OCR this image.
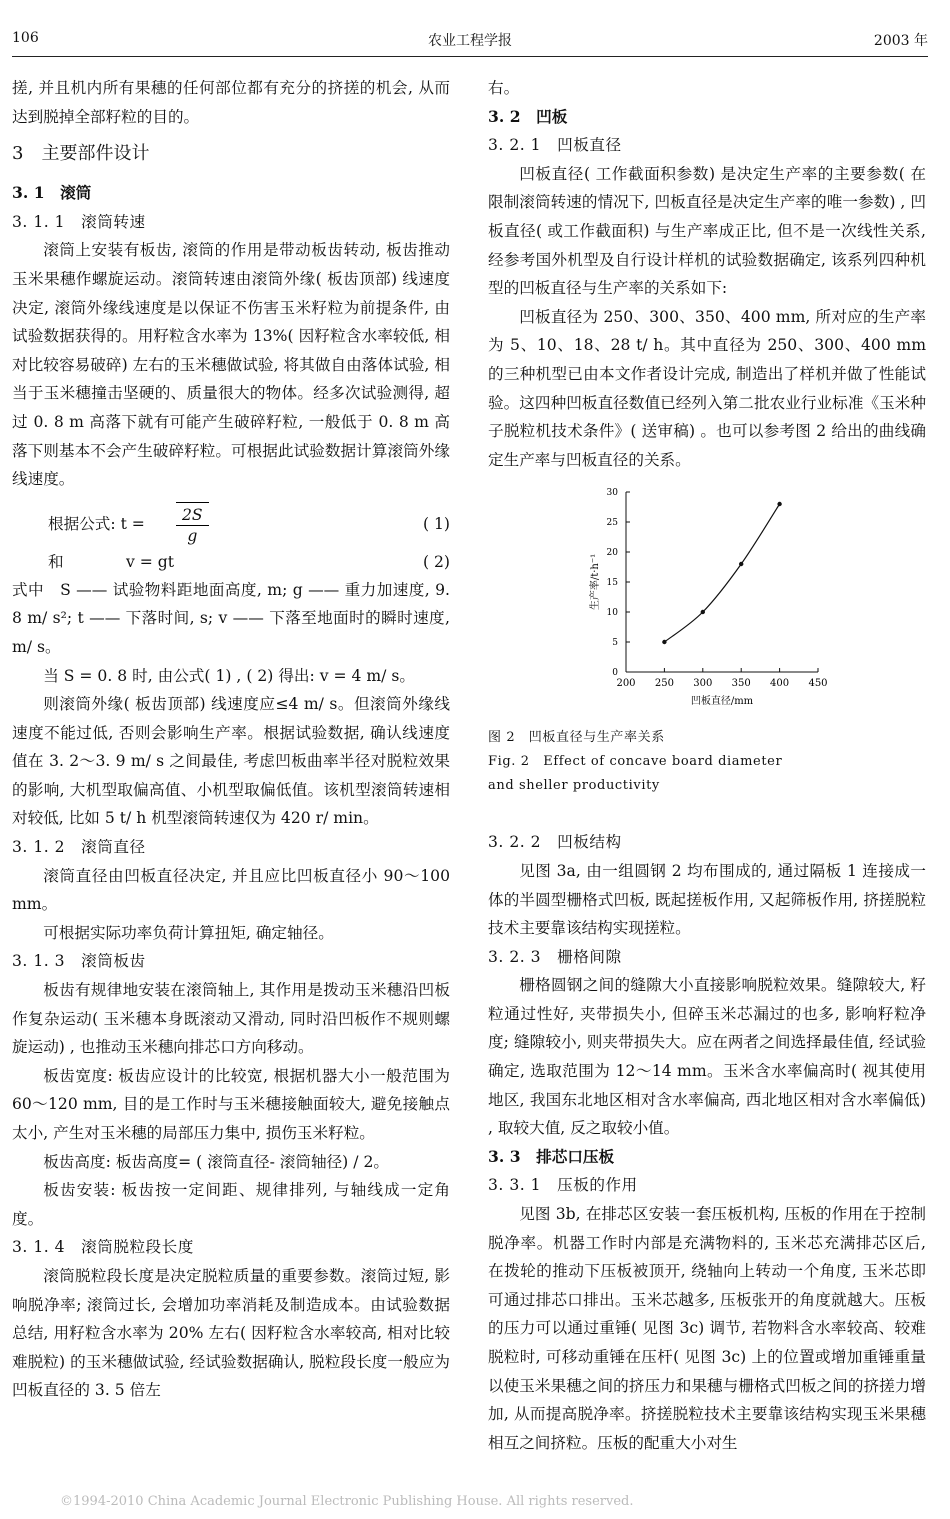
106	农业工程学报	2003 年

搓, 并且机内所有果穗的任何部位都有充分的挤搓的机会, 从而达到脱掉全部籽粒的目的。

3　主要部件设计

3. 1　滚筒

3. 1. 1　滚筒转速

滚筒上安装有板齿, 滚筒的作用是带动板齿转动, 板齿推动玉米果穗作螺旋运动。滚筒转速由滚筒外缘( 板齿顶部) 线速度决定, 滚筒外缘线速度是以保证不伤害玉米籽粒为前提条件, 由试验数据获得的。用籽粒含水率为 13%( 因籽粒含水率较低, 相对比较容易破碎) 左右的玉米穗做试验, 将其做自由落体试验, 相当于玉米穗撞击坚硬的、质量很大的物体。经多次试验测得, 超过 0. 8 m 高落下就有可能产生破碎籽粒, 一般低于 0. 8 m 高落下则基本不会产生破碎籽粒。可根据此试验数据计算滚筒外缘线速度。

根据公式: t =	2S
g
( 1)
和　　　　v = gt	( 2)

式中　S —— 试验物料距地面高度, m; g —— 重力加速度, 9. 8 m/ s²; t —— 下落时间, s; v —— 下落至地面时的瞬时速度, m/ s。

当 S = 0. 8 时, 由公式( 1) , ( 2) 得出: v = 4 m/ s。

则滚筒外缘( 板齿顶部) 线速度应≤4 m/ s。但滚筒外缘线速度不能过低, 否则会影响生产率。根据试验数据, 确认线速度值在 3. 2～3. 9 m/ s 之间最佳, 考虑凹板曲率半径对脱粒效果的影响, 大机型取偏高值、小机型取偏低值。该机型滚筒转速相对较低, 比如 5 t/ h 机型滚筒转速仅为 420 r/ min。

3. 1. 2　滚筒直径

滚筒直径由凹板直径决定, 并且应比凹板直径小 90～100 mm。

可根据实际功率负荷计算扭矩, 确定轴径。

3. 1. 3　滚筒板齿

板齿有规律地安装在滚筒轴上, 其作用是拨动玉米穗沿凹板作复杂运动( 玉米穗本身既滚动又滑动, 同时沿凹板作不规则螺旋运动) , 也推动玉米穗向排芯口方向移动。

板齿宽度: 板齿应设计的比较宽, 根据机器大小一般范围为 60～120 mm, 目的是工作时与玉米穗接触面较大, 避免接触点太小, 产生对玉米穗的局部压力集中, 损伤玉米籽粒。

板齿高度: 板齿高度= ( 滚筒直径- 滚筒轴径) / 2。

板齿安装: 板齿按一定间距、规律排列, 与轴线成一定角度。

3. 1. 4　滚筒脱粒段长度

滚筒脱粒段长度是决定脱粒质量的重要参数。滚筒过短, 影响脱净率; 滚筒过长, 会增加功率消耗及制造成本。由试验数据总结, 用籽粒含水率为 20% 左右( 因籽粒含水率较高, 相对比较难脱粒) 的玉米穗做试验, 经试验数据确认, 脱粒段长度一般应为凹板直径的 3. 5 倍左

右。

3. 2　凹板

3. 2. 1　凹板直径

凹板直径( 工作截面积参数) 是决定生产率的主要参数( 在限制滚筒转速的情况下, 凹板直径是决定生产率的唯一参数) , 凹板直径( 或工作截面积) 与生产率成正比, 但不是一次线性关系, 经参考国外机型及自行设计样机的试验数据确定, 该系列四种机型的凹板直径与生产率的关系如下:

凹板直径为 250、300、350、400 mm, 所对应的生产率为 5、10、18、28 t/ h。其中直径为 250、300、400 mm 的三种机型已由本文作者设计完成, 制造出了样机并做了性能试验。这四种凹板直径数值已经列入第二批农业行业标准《玉米种子脱粒机技术条件》( 送审稿) 。也可以参考图 2 给出的曲线确定生产率与凹板直径的关系。

0
5
10
15
20
25
30
200 250 300 350 400 450
凹板直径/mm
生产率/t·h⁻¹

图 2　凹板直径与生产率关系

Fig. 2　Effect of concave board diameter

and sheller productivity

3. 2. 2　凹板结构

见图 3a, 由一组圆钢 2 均布围成的, 通过隔板 1 连接成一体的半圆型栅格式凹板, 既起搓板作用, 又起筛板作用, 挤搓脱粒技术主要靠该结构实现搓粒。

3. 2. 3　栅格间隙

栅格圆钢之间的缝隙大小直接影响脱粒效果。缝隙较大, 籽粒通过性好, 夹带损失小, 但碎玉米芯漏过的也多, 影响籽粒净度; 缝隙较小, 则夹带损失大。应在两者之间选择最佳值, 经试验确定, 选取范围为 12～14 mm。玉米含水率偏高时( 视其使用地区, 我国东北地区相对含水率偏高, 西北地区相对含水率偏低) , 取较大值, 反之取较小值。

3. 3　排芯口压板

3. 3. 1　压板的作用

见图 3b, 在排芯区安装一套压板机构, 压板的作用在于控制脱净率。机器工作时内部是充满物料的, 玉米芯充满排芯区后, 在拨轮的推动下压板被顶开, 绕轴向上转动一个角度, 玉米芯即可通过排芯口排出。玉米芯越多, 压板张开的角度就越大。压板的压力可以通过重锤( 见图 3c) 调节, 若物料含水率较高、较难脱粒时, 可移动重锤在压杆( 见图 3c) 上的位置或增加重锤重量以使玉米果穗之间的挤压力和果穗与栅格式凹板之间的挤搓力增加, 从而提高脱净率。挤搓脱粒技术主要靠该结构实现玉米果穗相互之间挤粒。压板的配重大小对生

©1994-2010 China Academic Journal Electronic Publishing House. All rights reserved.
